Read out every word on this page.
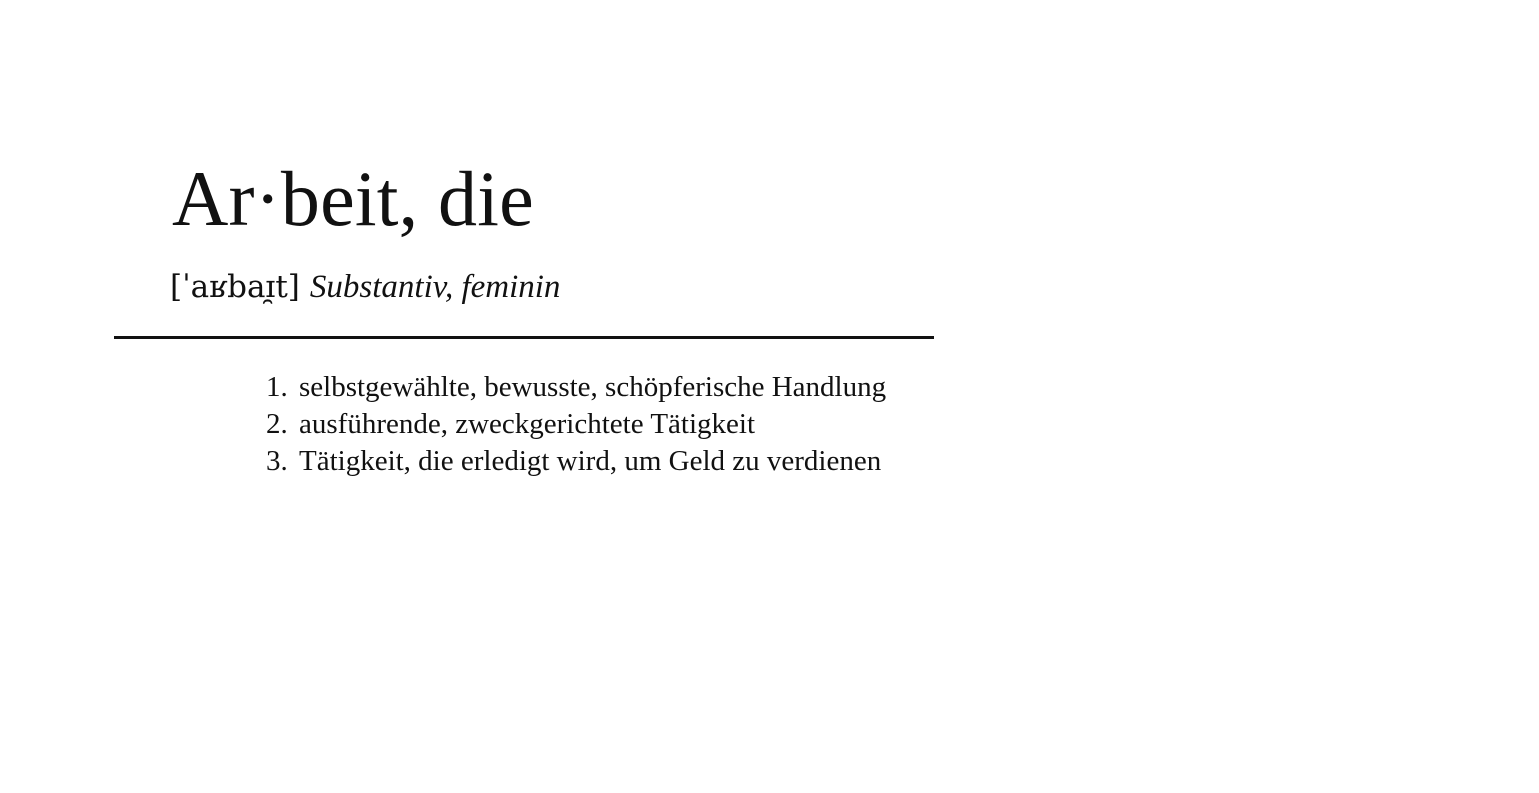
Ar·beit, die
[ˈaʁbaɪ̯t] Substantiv, feminin
1. selbstgewählte, bewusste, schöpferische Handlung
2. ausführende, zweckgerichtete Tätigkeit
3. Tätigkeit, die erledigt wird, um Geld zu verdienen
